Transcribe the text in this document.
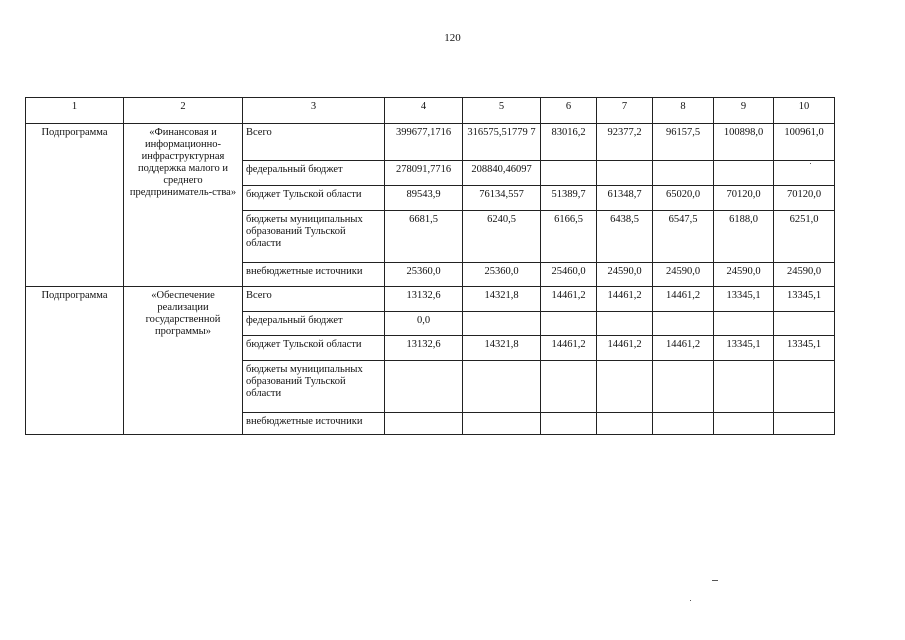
120
1	2	3	4	5	6	7	8	9	10
Подпрограмма	«Финансовая и информационно-инфраструктурная поддержка малого и среднего предприниматель-ства»	Всего	399677,1716	316575,51779 7	83016,2	92377,2	96157,5	100898,0	100961,0
		федеральный бюджет	278091,7716	208840,46097					
		бюджет Тульской области	89543,9	76134,557	51389,7	61348,7	65020,0	70120,0	70120,0
		бюджеты муниципальных образований Тульской области	6681,5	6240,5	6166,5	6438,5	6547,5	6188,0	6251,0
		внебюджетные источники	25360,0	25360,0	25460,0	24590,0	24590,0	24590,0	24590,0
Подпрограмма	«Обеспечение реализации государственной программы»	Всего	13132,6	14321,8	14461,2	14461,2	14461,2	13345,1	13345,1
		федеральный бюджет	0,0						
		бюджет Тульской области	13132,6	14321,8	14461,2	14461,2	14461,2	13345,1	13345,1
		бюджеты муниципальных образований Тульской области							
		внебюджетные источники							
